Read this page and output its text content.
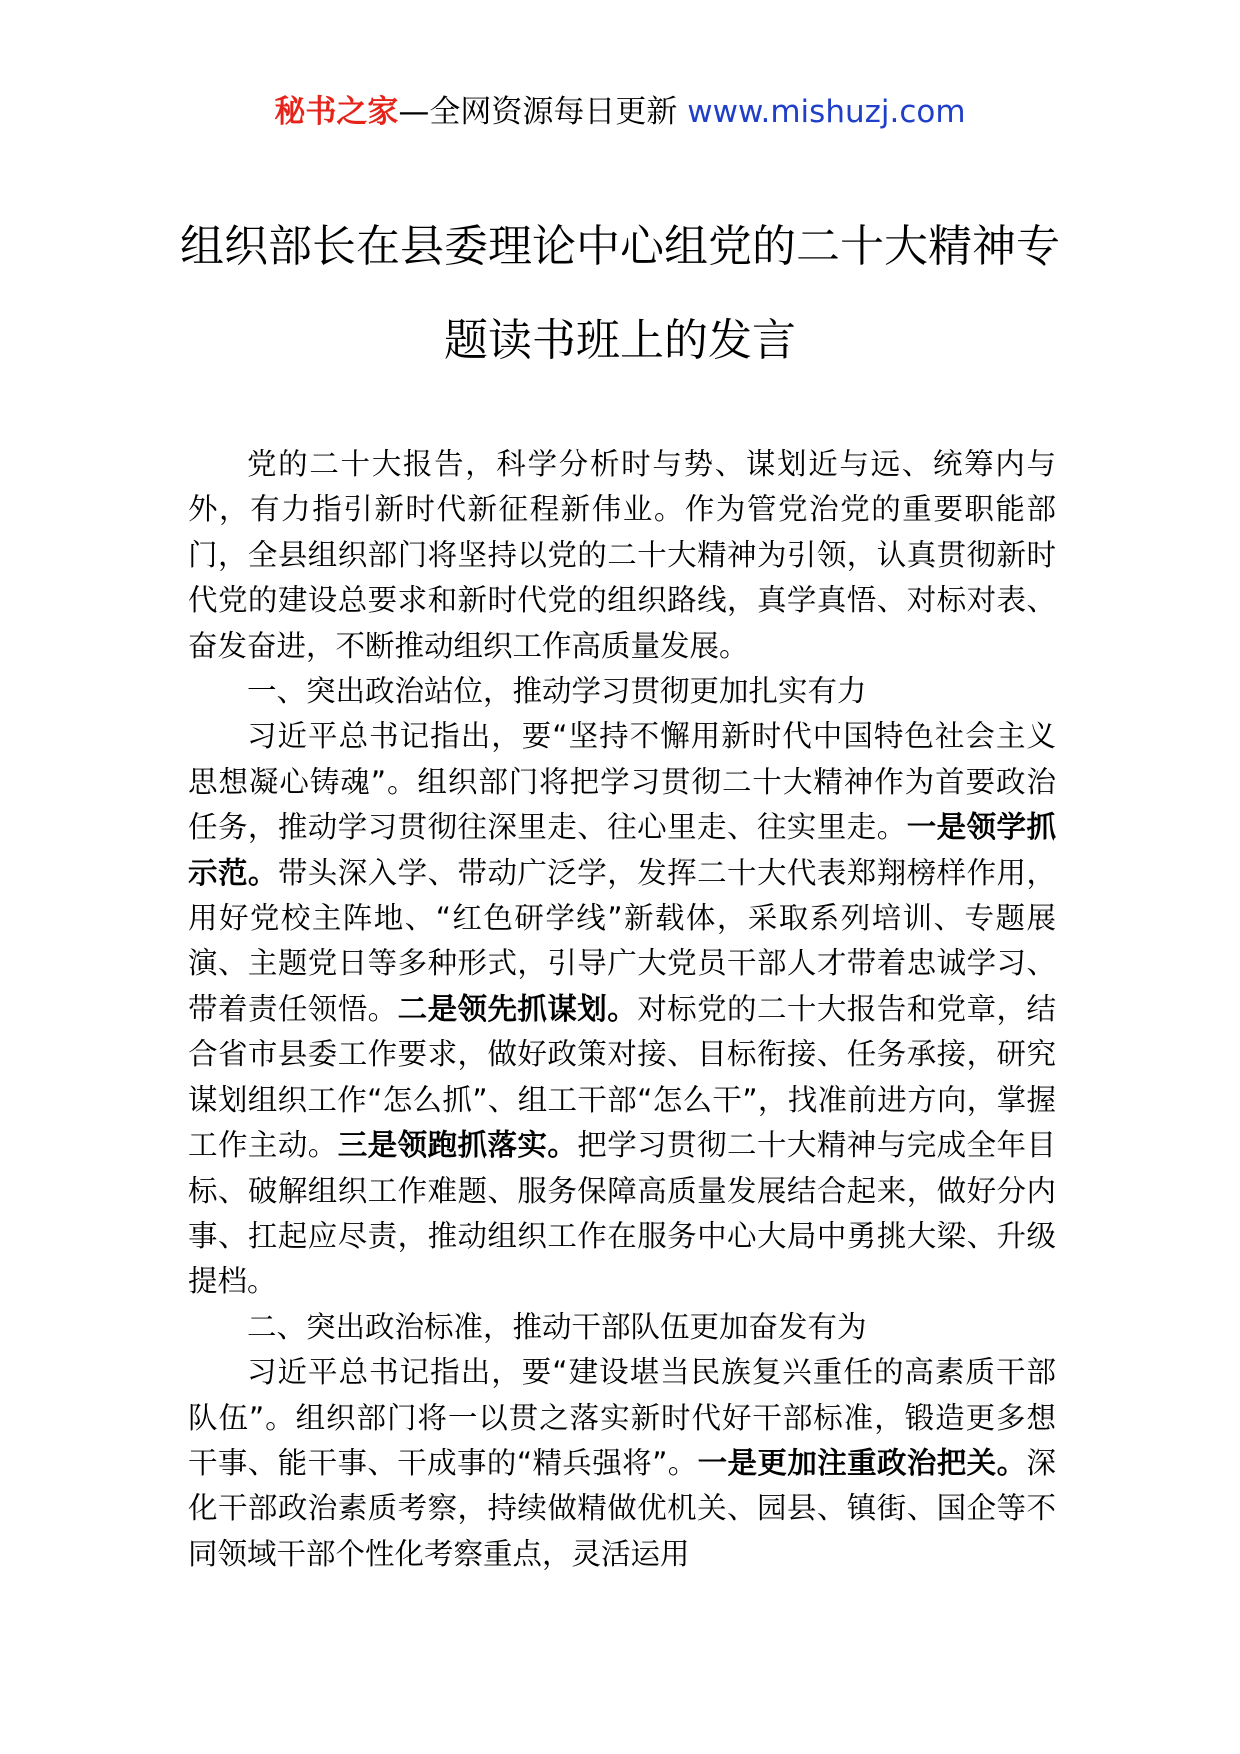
秘书之家—全网资源每日更新 www.mishuzj.com
组织部长在县委理论中心组党的二十大精神专题读书班上的发言

党的二十大报告，科学分析时与势、谋划近与远、统筹内与外，有力指引新时代新征程新伟业。作为管党治党的重要职能部门，全县组织部门将坚持以党的二十大精神为引领，认真贯彻新时代党的建设总要求和新时代党的组织路线，真学真悟、对标对表、奋发奋进，不断推动组织工作高质量发展。

一、突出政治站位，推动学习贯彻更加扎实有力

习近平总书记指出，要“坚持不懈用新时代中国特色社会主义思想凝心铸魂”。组织部门将把学习贯彻二十大精神作为首要政治任务，推动学习贯彻往深里走、往心里走、往实里走。一是领学抓示范。带头深入学、带动广泛学，发挥二十大代表郑翔榜样作用，用好党校主阵地、“红色研学线”新载体，采取系列培训、专题展演、主题党日等多种形式，引导广大党员干部人才带着忠诚学习、带着责任领悟。二是领先抓谋划。对标党的二十大报告和党章，结合省市县委工作要求，做好政策对接、目标衔接、任务承接，研究谋划组织工作“怎么抓”、组工干部“怎么干”，找准前进方向，掌握工作主动。三是领跑抓落实。把学习贯彻二十大精神与完成全年目标、破解组织工作难题、服务保障高质量发展结合起来，做好分内事、扛起应尽责，推动组织工作在服务中心大局中勇挑大梁、升级提档。

二、突出政治标准，推动干部队伍更加奋发有为

习近平总书记指出，要“建设堪当民族复兴重任的高素质干部队伍”。组织部门将一以贯之落实新时代好干部标准，锻造更多想干事、能干事、干成事的“精兵强将”。一是更加注重政治把关。深化干部政治素质考察，持续做精做优机关、园县、镇街、国企等不同领域干部个性化考察重点，灵活运用
